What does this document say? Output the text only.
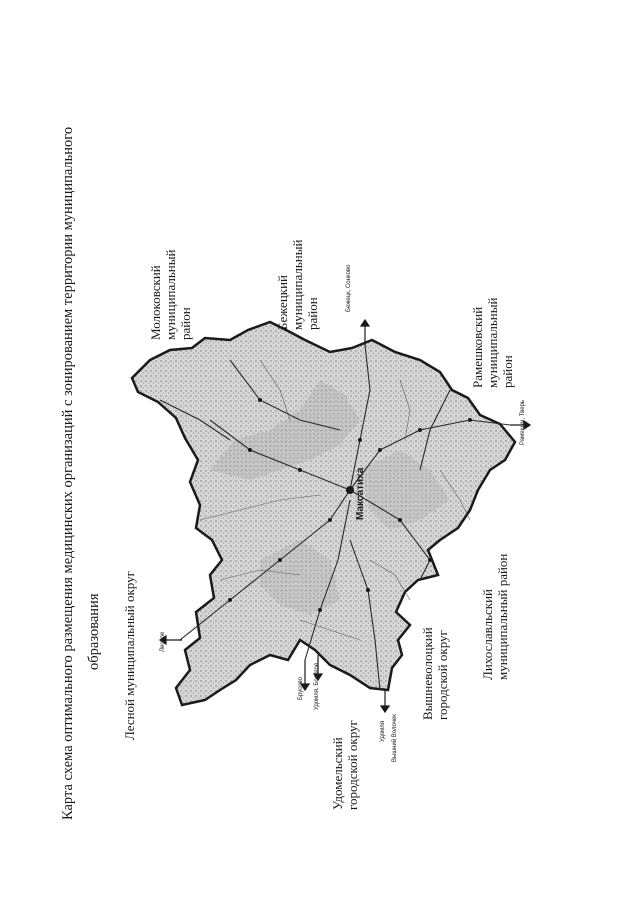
Карта схема оптимального размещения медицинских организаций с зонированием территории муниципального образования
Максатиха
Лесное
Брусово Удомля, Бологое
Удомля Вышний Волочек
Рамешки, Тверь
Бежецк, Сонково
Лесной муниципальный округ
Удомельский городской округ
Вышневолоцкий городской округ Лихославльский муниципальный район
Рамешковский муниципальный район
Бежецкий муниципальный район
Молоковский муниципальный район
